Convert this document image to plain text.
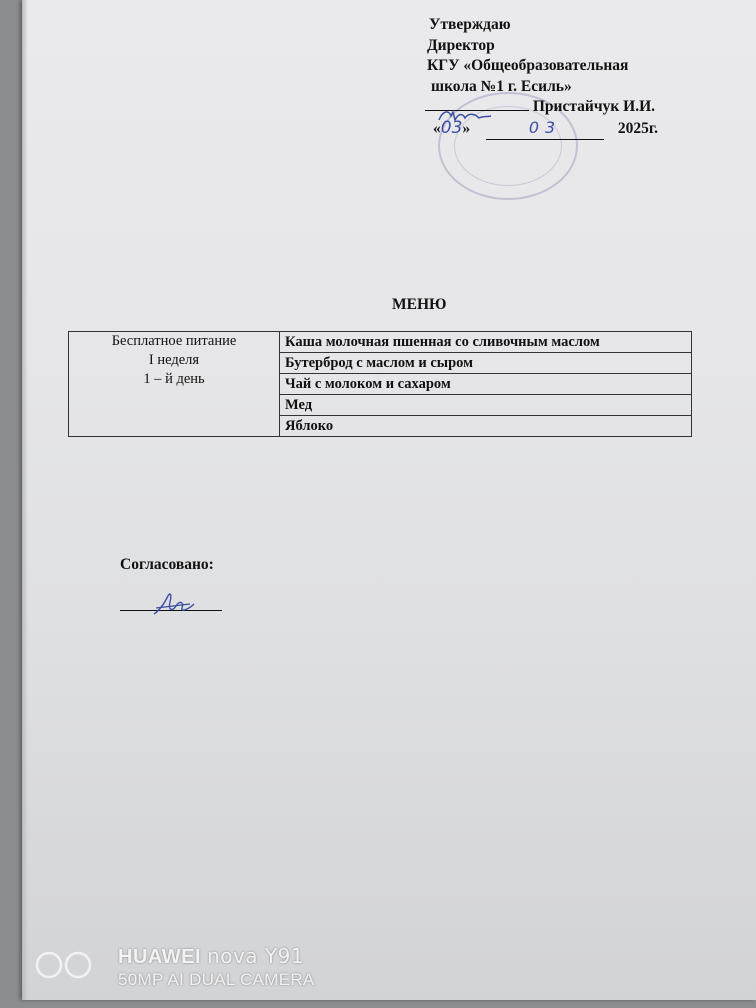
Утверждаю
Директор
КГУ «Общеобразовательная
школа №1 г. Есиль»
Пристайчук И.И.
«03»	03	2025г.
МЕНЮ
Бесплатное питание
I неделя
1 – й день
	Каша молочная пшенная со сливочным маслом
Бутерброд с маслом и сыром
Чай с молоком и сахаром
Мед
Яблоко
Согласовано:
HUAWEI nova Y91
50MP AI DUAL CAMERA
